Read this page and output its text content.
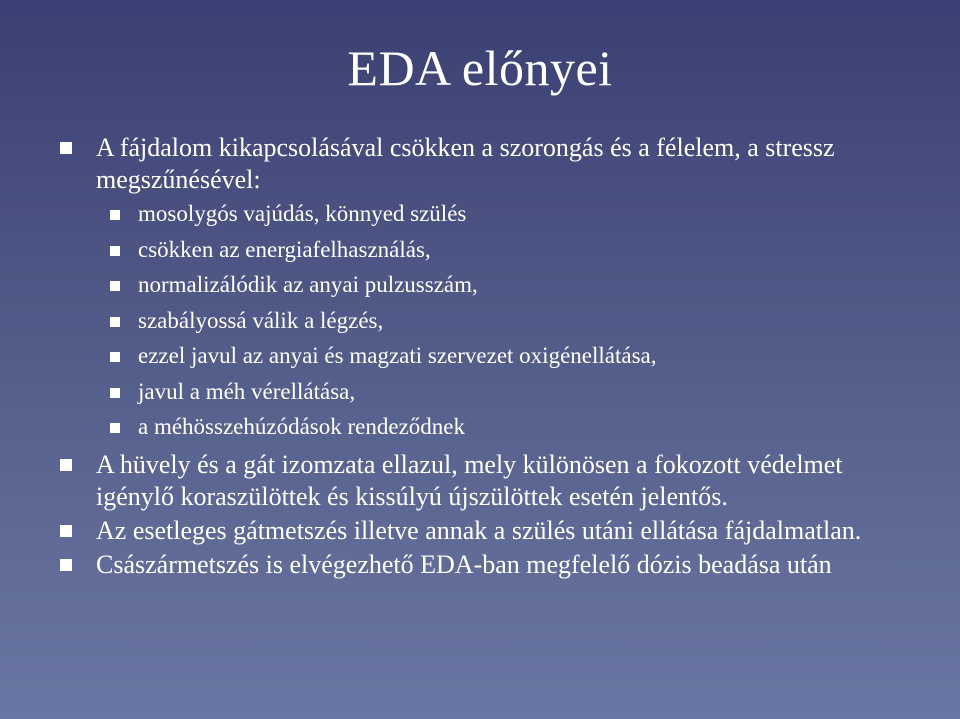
EDA előnyei
A fájdalom kikapcsolásával csökken a szorongás és a félelem, a stressz megszűnésével:
mosolygós vajúdás, könnyed szülés
csökken az energiafelhasználás,
normalizálódik az anyai pulzusszám,
szabályossá válik a légzés,
ezzel javul az anyai és magzati szervezet oxigénellátása,
javul a méh vérellátása,
a méhösszehúzódások rendeződnek
A hüvely és a gát izomzata ellazul, mely különösen a fokozott védelmet igénylő koraszülöttek és kissúlyú újszülöttek esetén jelentős.
Az esetleges gátmetszés illetve annak a szülés utáni ellátása fájdalmatlan.
Császármetszés is elvégezhető EDA-ban megfelelő dózis beadása után
